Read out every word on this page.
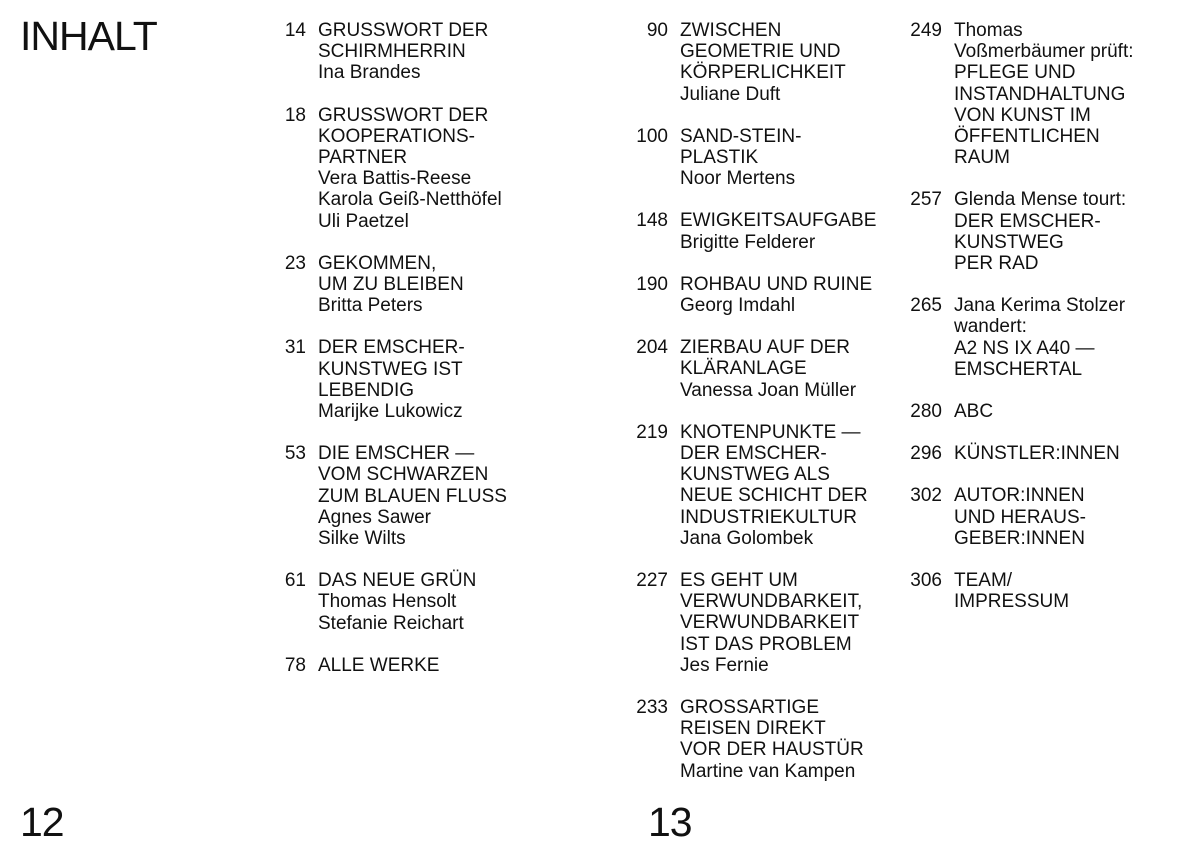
INHALT	14 GRUSSWORT DER
SCHIRMHERRIN
Ina Brandes
18 GRUSSWORT DER
KOOPERATIONS-
PARTNER
Vera Battis-Reese
Karola Geiß-Netthöfel
Uli Paetzel
23 GEKOMMEN,
UM ZU BLEIBEN
Britta Peters
31 DER EMSCHER-
KUNSTWEG IST
LEBENDIG
Marijke Lukowicz
53 DIE EMSCHER —
VOM SCHWARZEN
ZUM BLAUEN FLUSS
Agnes Sawer
Silke Wilts
61 DAS NEUE GRÜN
Thomas Hensolt
Stefanie Reichart
78 ALLE WERKE
90 ZWISCHEN
GEOMETRIE UND
KÖRPERLICHKEIT
Juliane Duft
100 SAND-STEIN-
PLASTIK
Noor Mertens
148 EWIGKEITSAUFGABE
Brigitte Felderer
190 ROHBAU UND RUINE
Georg Imdahl
204 ZIERBAU AUF DER
KLÄRANLAGE
Vanessa Joan Müller
219 KNOTENPUNKTE —
DER EMSCHER-
KUNSTWEG ALS
NEUE SCHICHT DER
INDUSTRIEKULTUR
Jana Golombek
227 ES GEHT UM
VERWUNDBARKEIT,
VERWUNDBARKEIT
IST DAS PROBLEM
Jes Fernie
233 GROSSARTIGE
REISEN DIREKT
VOR DER HAUSTÜR
Martine van Kampen
249 Thomas
Voßmerbäumer prüft:
PFLEGE UND
INSTANDHALTUNG
VON KUNST IM
ÖFFENTLICHEN
RAUM
257 Glenda Mense tourt:
DER EMSCHER-
KUNSTWEG
PER RAD
265 Jana Kerima Stolzer
wandert:
A2 NS IX A40 —
EMSCHERTAL
280 ABC
296 KÜNSTLER:INNEN
302 AUTOR:INNEN
UND HERAUS-
GEBER:INNEN
306 TEAM/
IMPRESSUM
12	13
